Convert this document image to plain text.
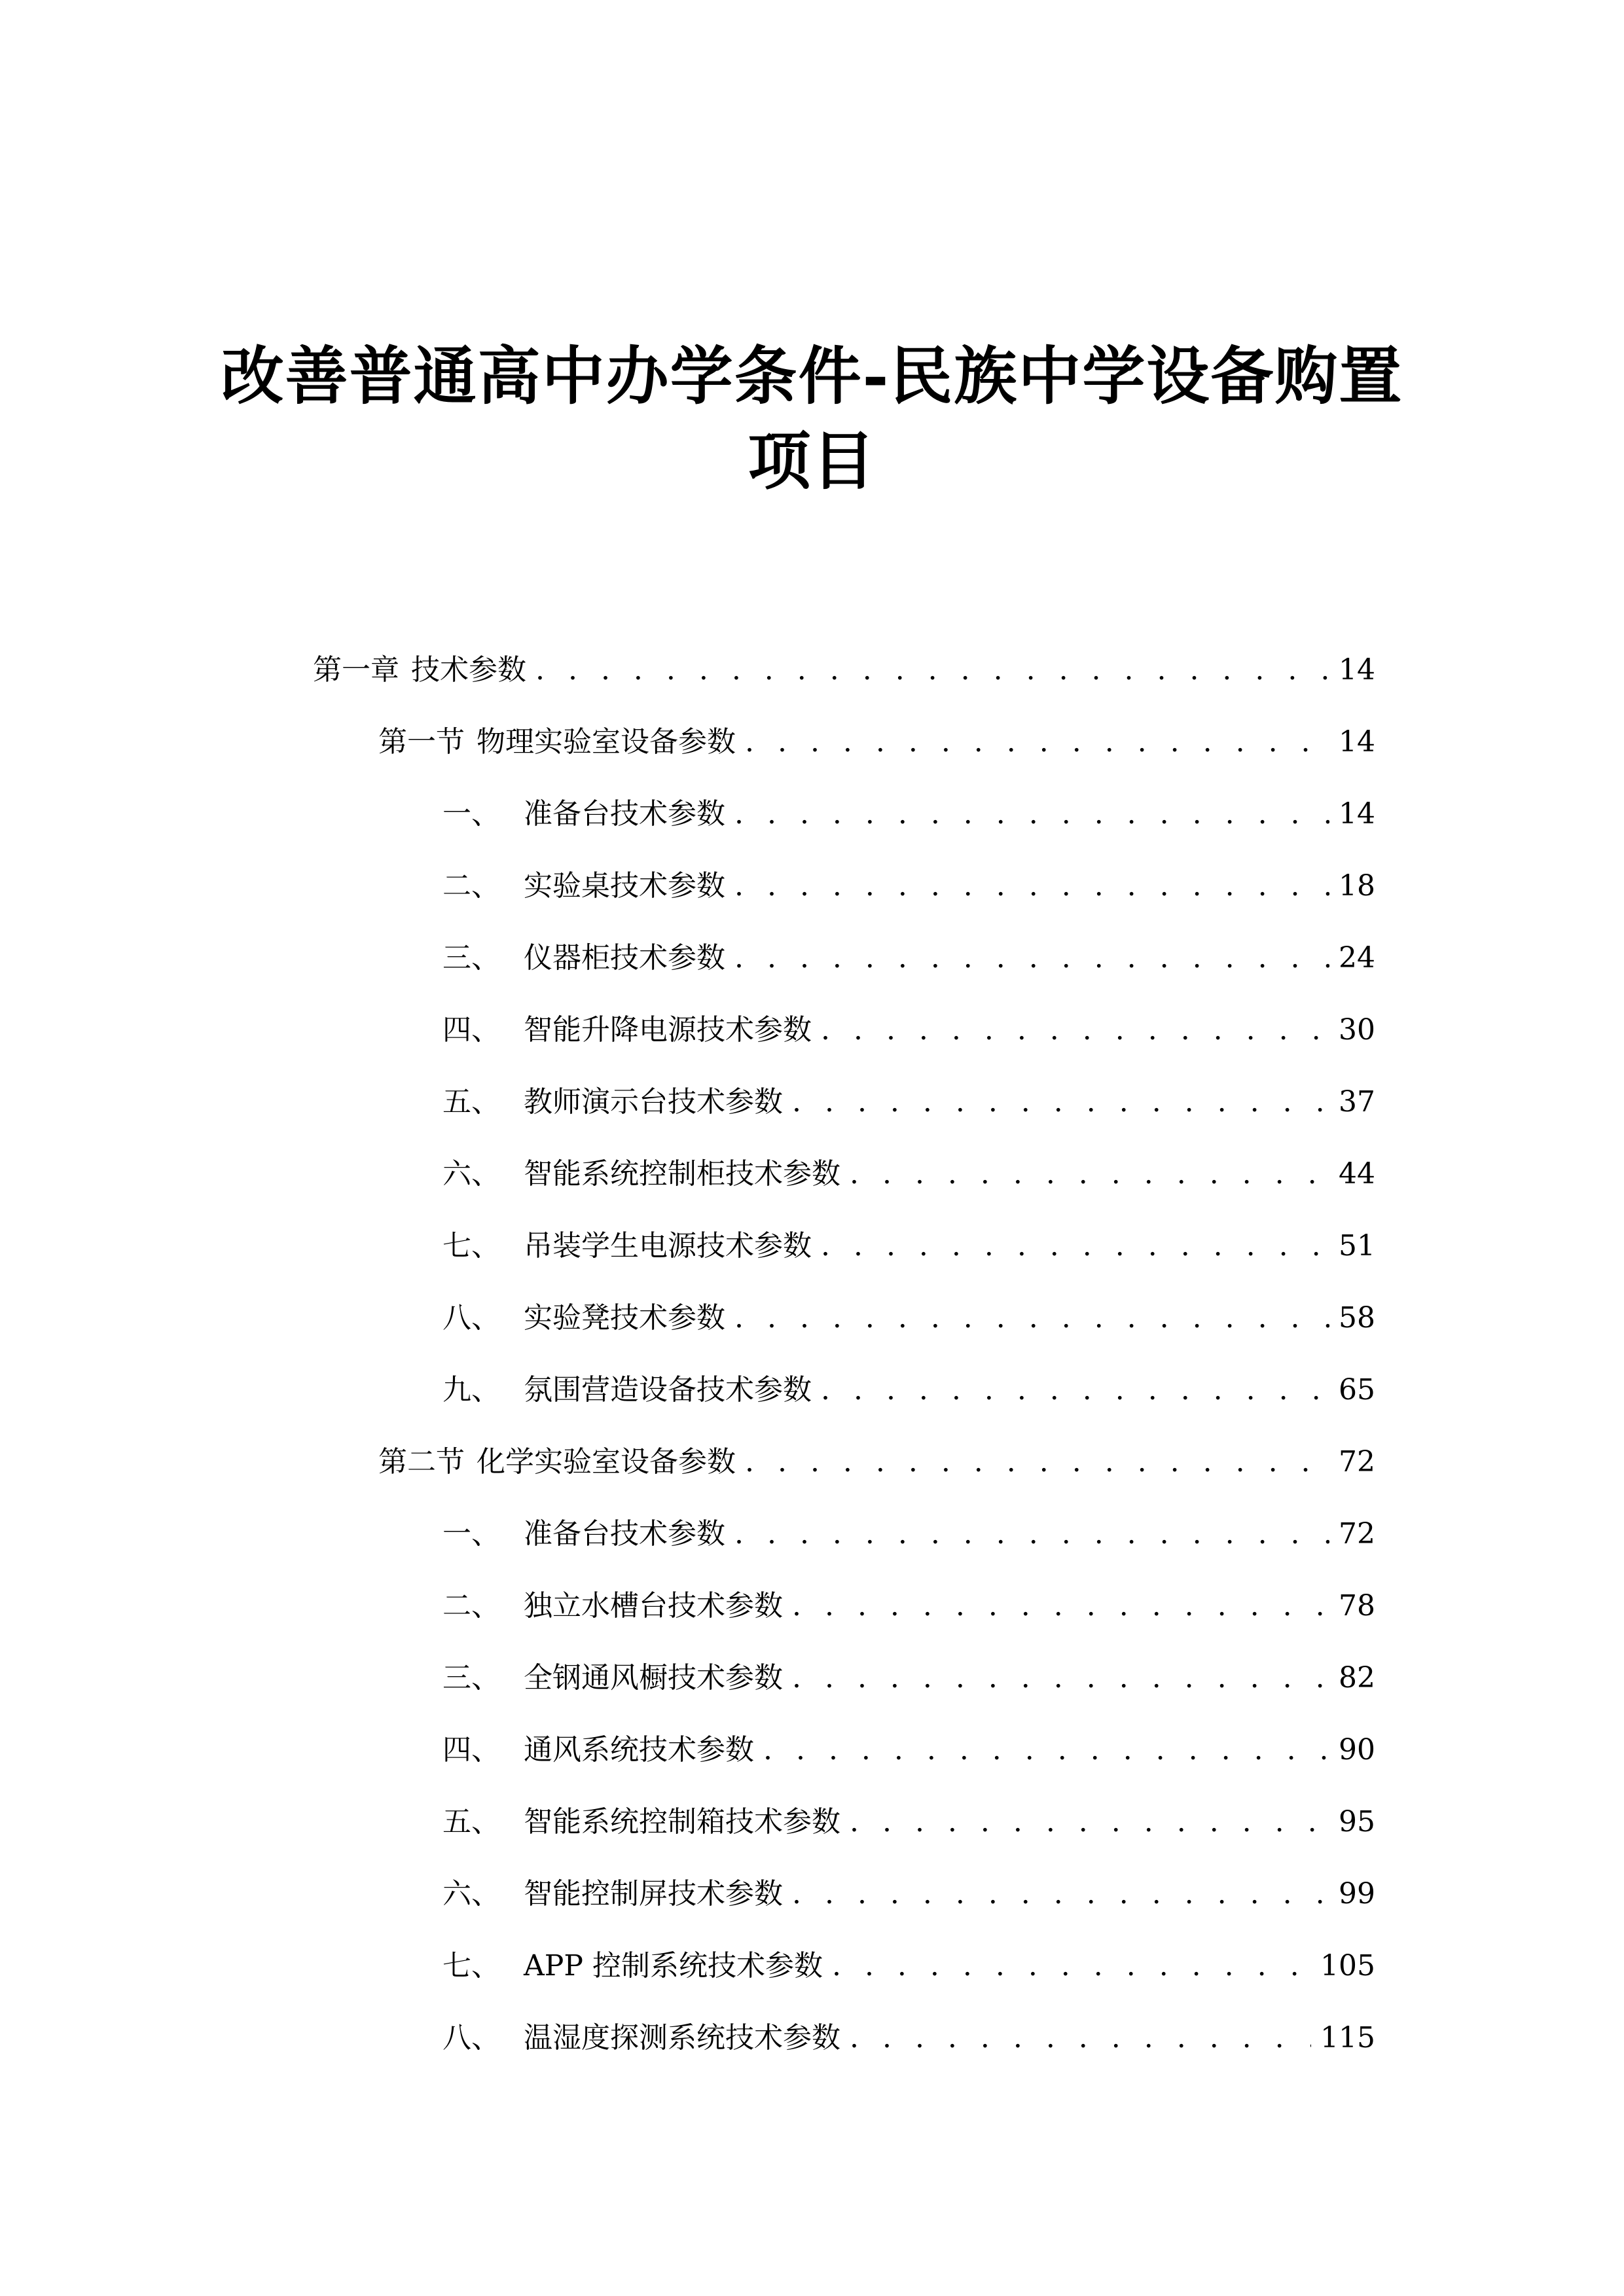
改善普通高中办学条件-民族中学设备购置
项目
第一章 技术参数 . . .	14
第一节 物理实验室设备参数 . . .	14
一、 准备台技术参数 . . .	14
二、 实验桌技术参数 . . .	18
三、 仪器柜技术参数 . . .	24
四、 智能升降电源技术参数 . . .	30
五、 教师演示台技术参数 . . .	37
六、 智能系统控制柜技术参数 . . .	44
七、 吊装学生电源技术参数 . . .	51
八、 实验凳技术参数 . . .	58
九、 氛围营造设备技术参数 . . .	65
第二节 化学实验室设备参数 . . .	72
一、 准备台技术参数 . . .	72
二、 独立水槽台技术参数 . . .	78
三、 全钢通风橱技术参数 . . .	82
四、 通风系统技术参数 . . .	90
五、 智能系统控制箱技术参数 . . .	95
六、 智能控制屏技术参数 . . .	99
七、 APP 控制系统技术参数 . . .	105
八、 温湿度探测系统技术参数 . . .	115
